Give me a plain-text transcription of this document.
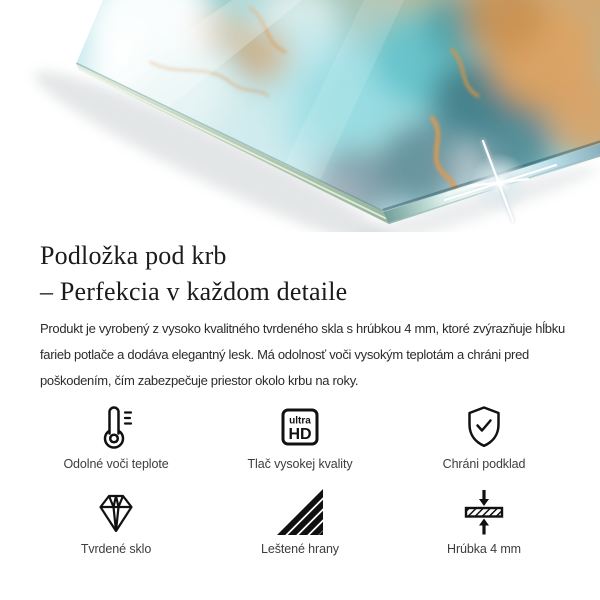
Podložka pod krb
– Perfekcia v každom detaile

Produkt je vyrobený z vysoko kvalitného tvrdeného skla s hrúbkou 4 mm, ktoré zvýrazňuje hĺbku
farieb potlače a dodáva elegantný lesk. Má odolnosť voči vysokým teplotám a chráni pred
poškodením, čím zabezpečuje priestor okolo krbu na roky.

Odolné voči teplote
ultra
HD
Tlač vysokej kvality	Chráni podklad
Tvrdené sklo	Leštené hrany	Hrúbka 4 mm
